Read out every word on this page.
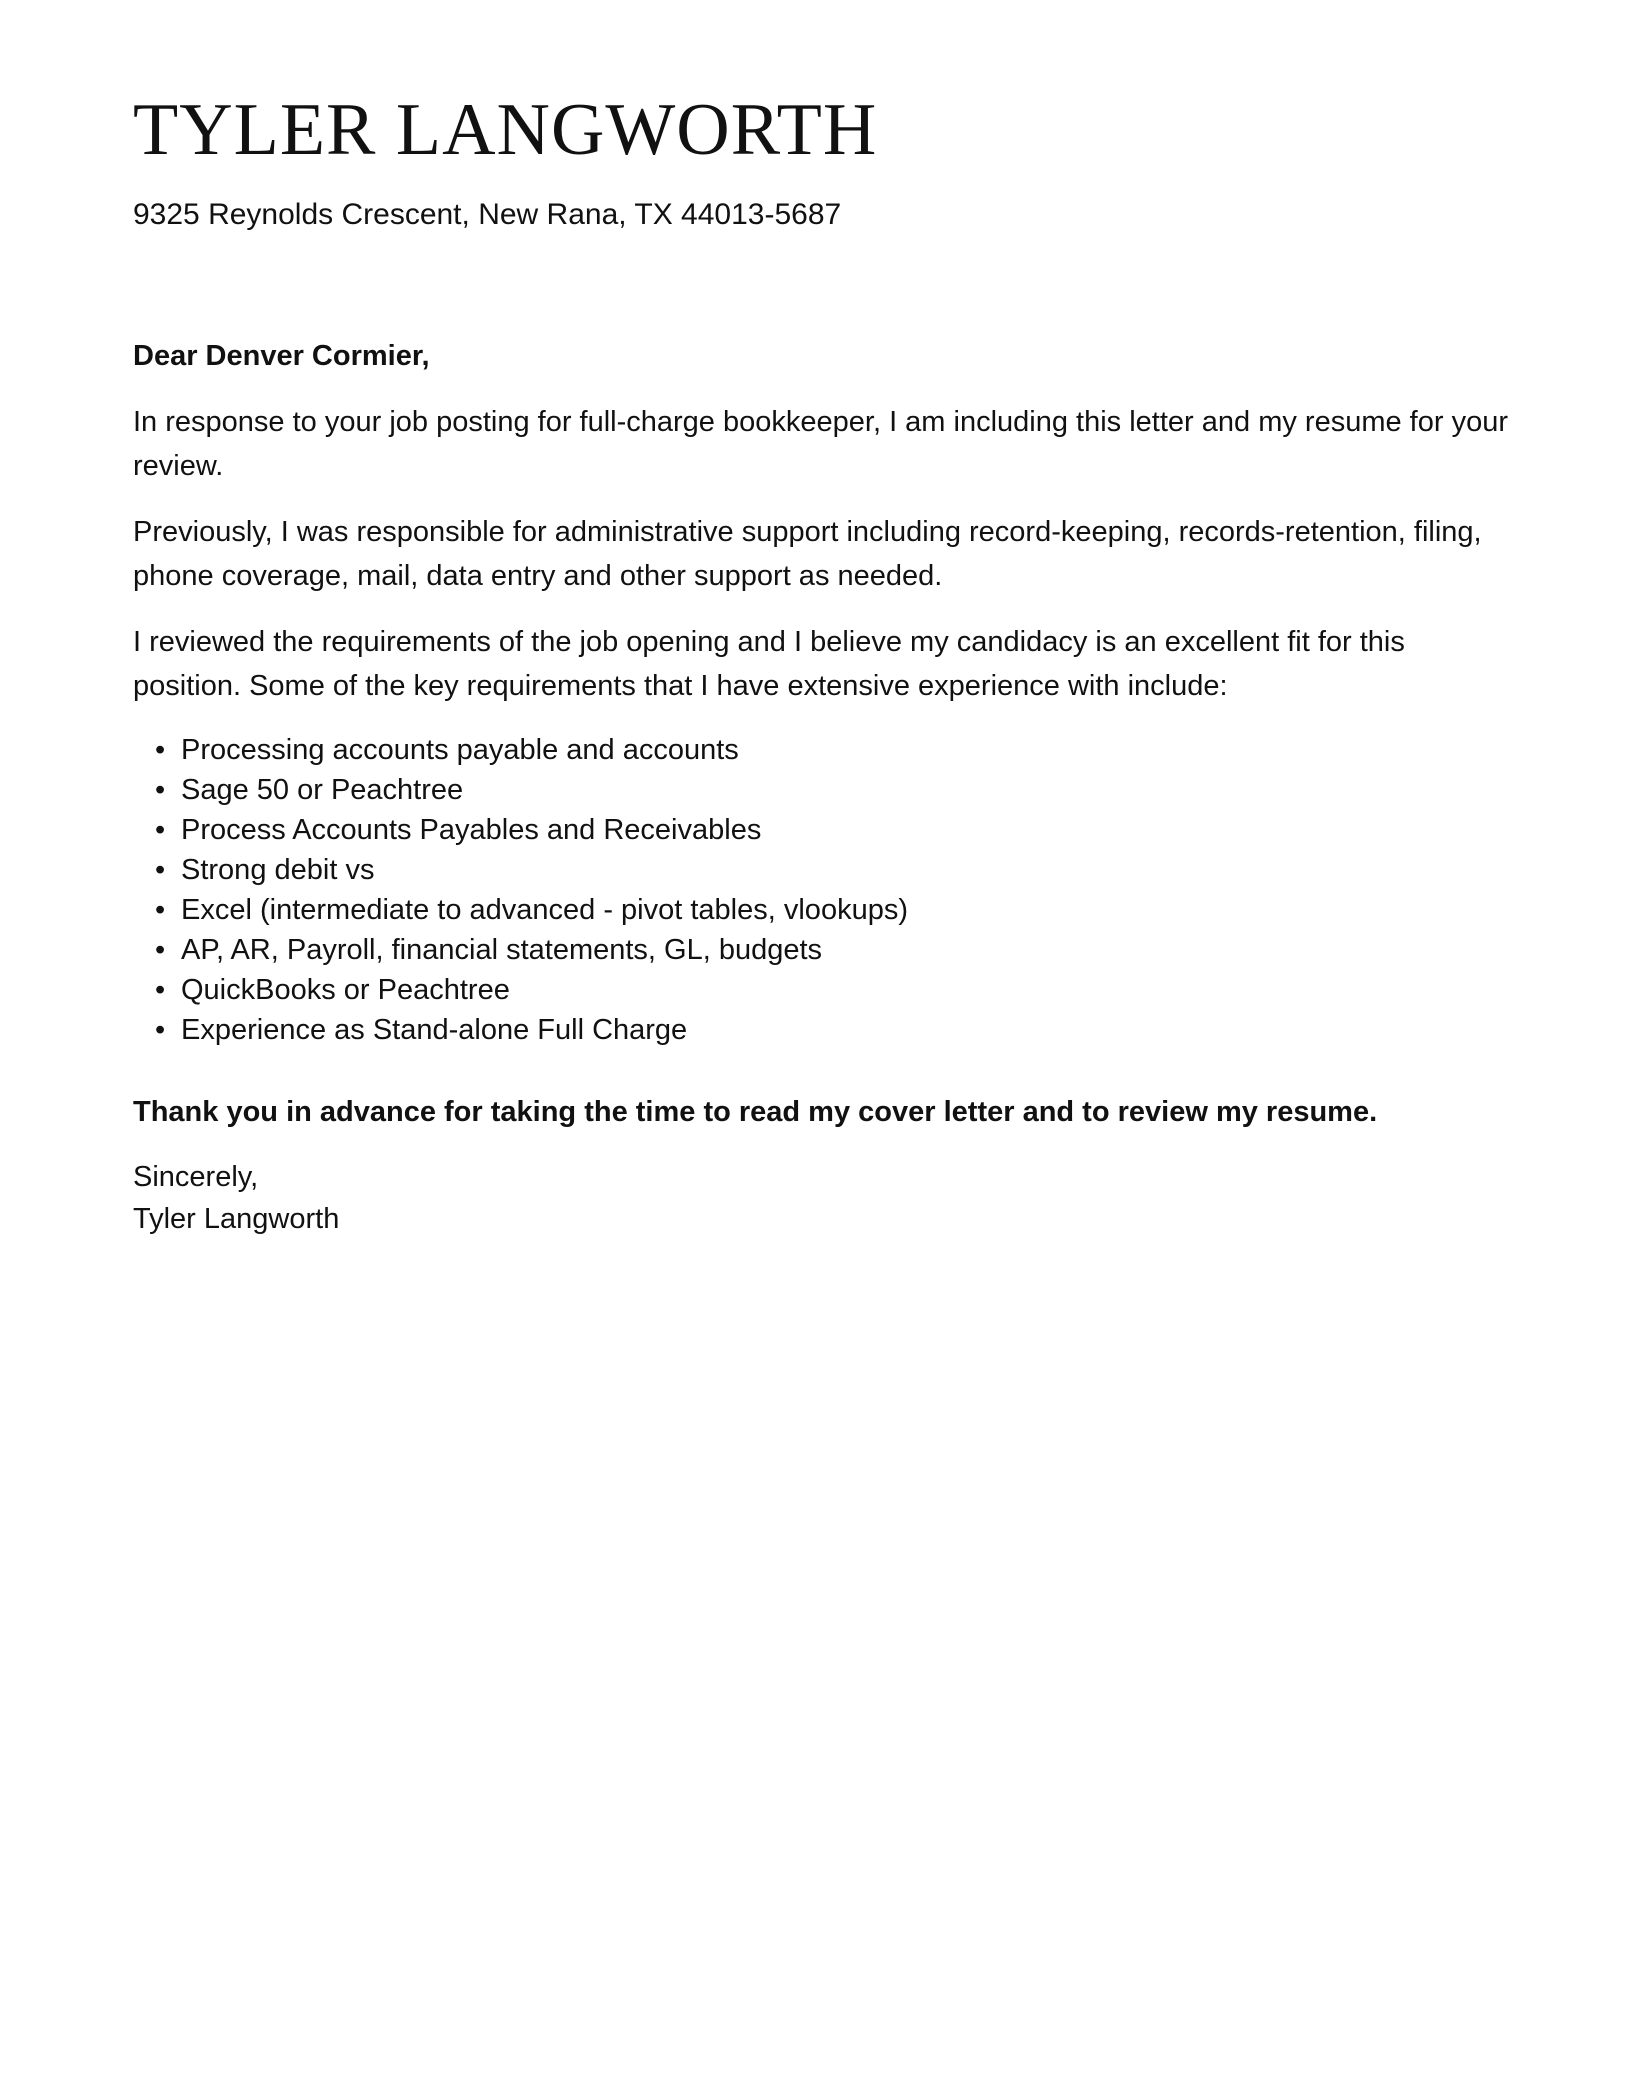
TYLER LANGWORTH
9325 Reynolds Crescent, New Rana, TX 44013-5687

Dear Denver Cormier,

In response to your job posting for full-charge bookkeeper, I am including this letter and my resume for your review.

Previously, I was responsible for administrative support including record-keeping, records-retention, filing, phone coverage, mail, data entry and other support as needed.

I reviewed the requirements of the job opening and I believe my candidacy is an excellent fit for this position. Some of the key requirements that I have extensive experience with include:

• Processing accounts payable and accounts
• Sage 50 or Peachtree
• Process Accounts Payables and Receivables
• Strong debit vs
• Excel (intermediate to advanced - pivot tables, vlookups)
• AP, AR, Payroll, financial statements, GL, budgets
• QuickBooks or Peachtree
• Experience as Stand-alone Full Charge

Thank you in advance for taking the time to read my cover letter and to review my resume.

Sincerely,
Tyler Langworth
